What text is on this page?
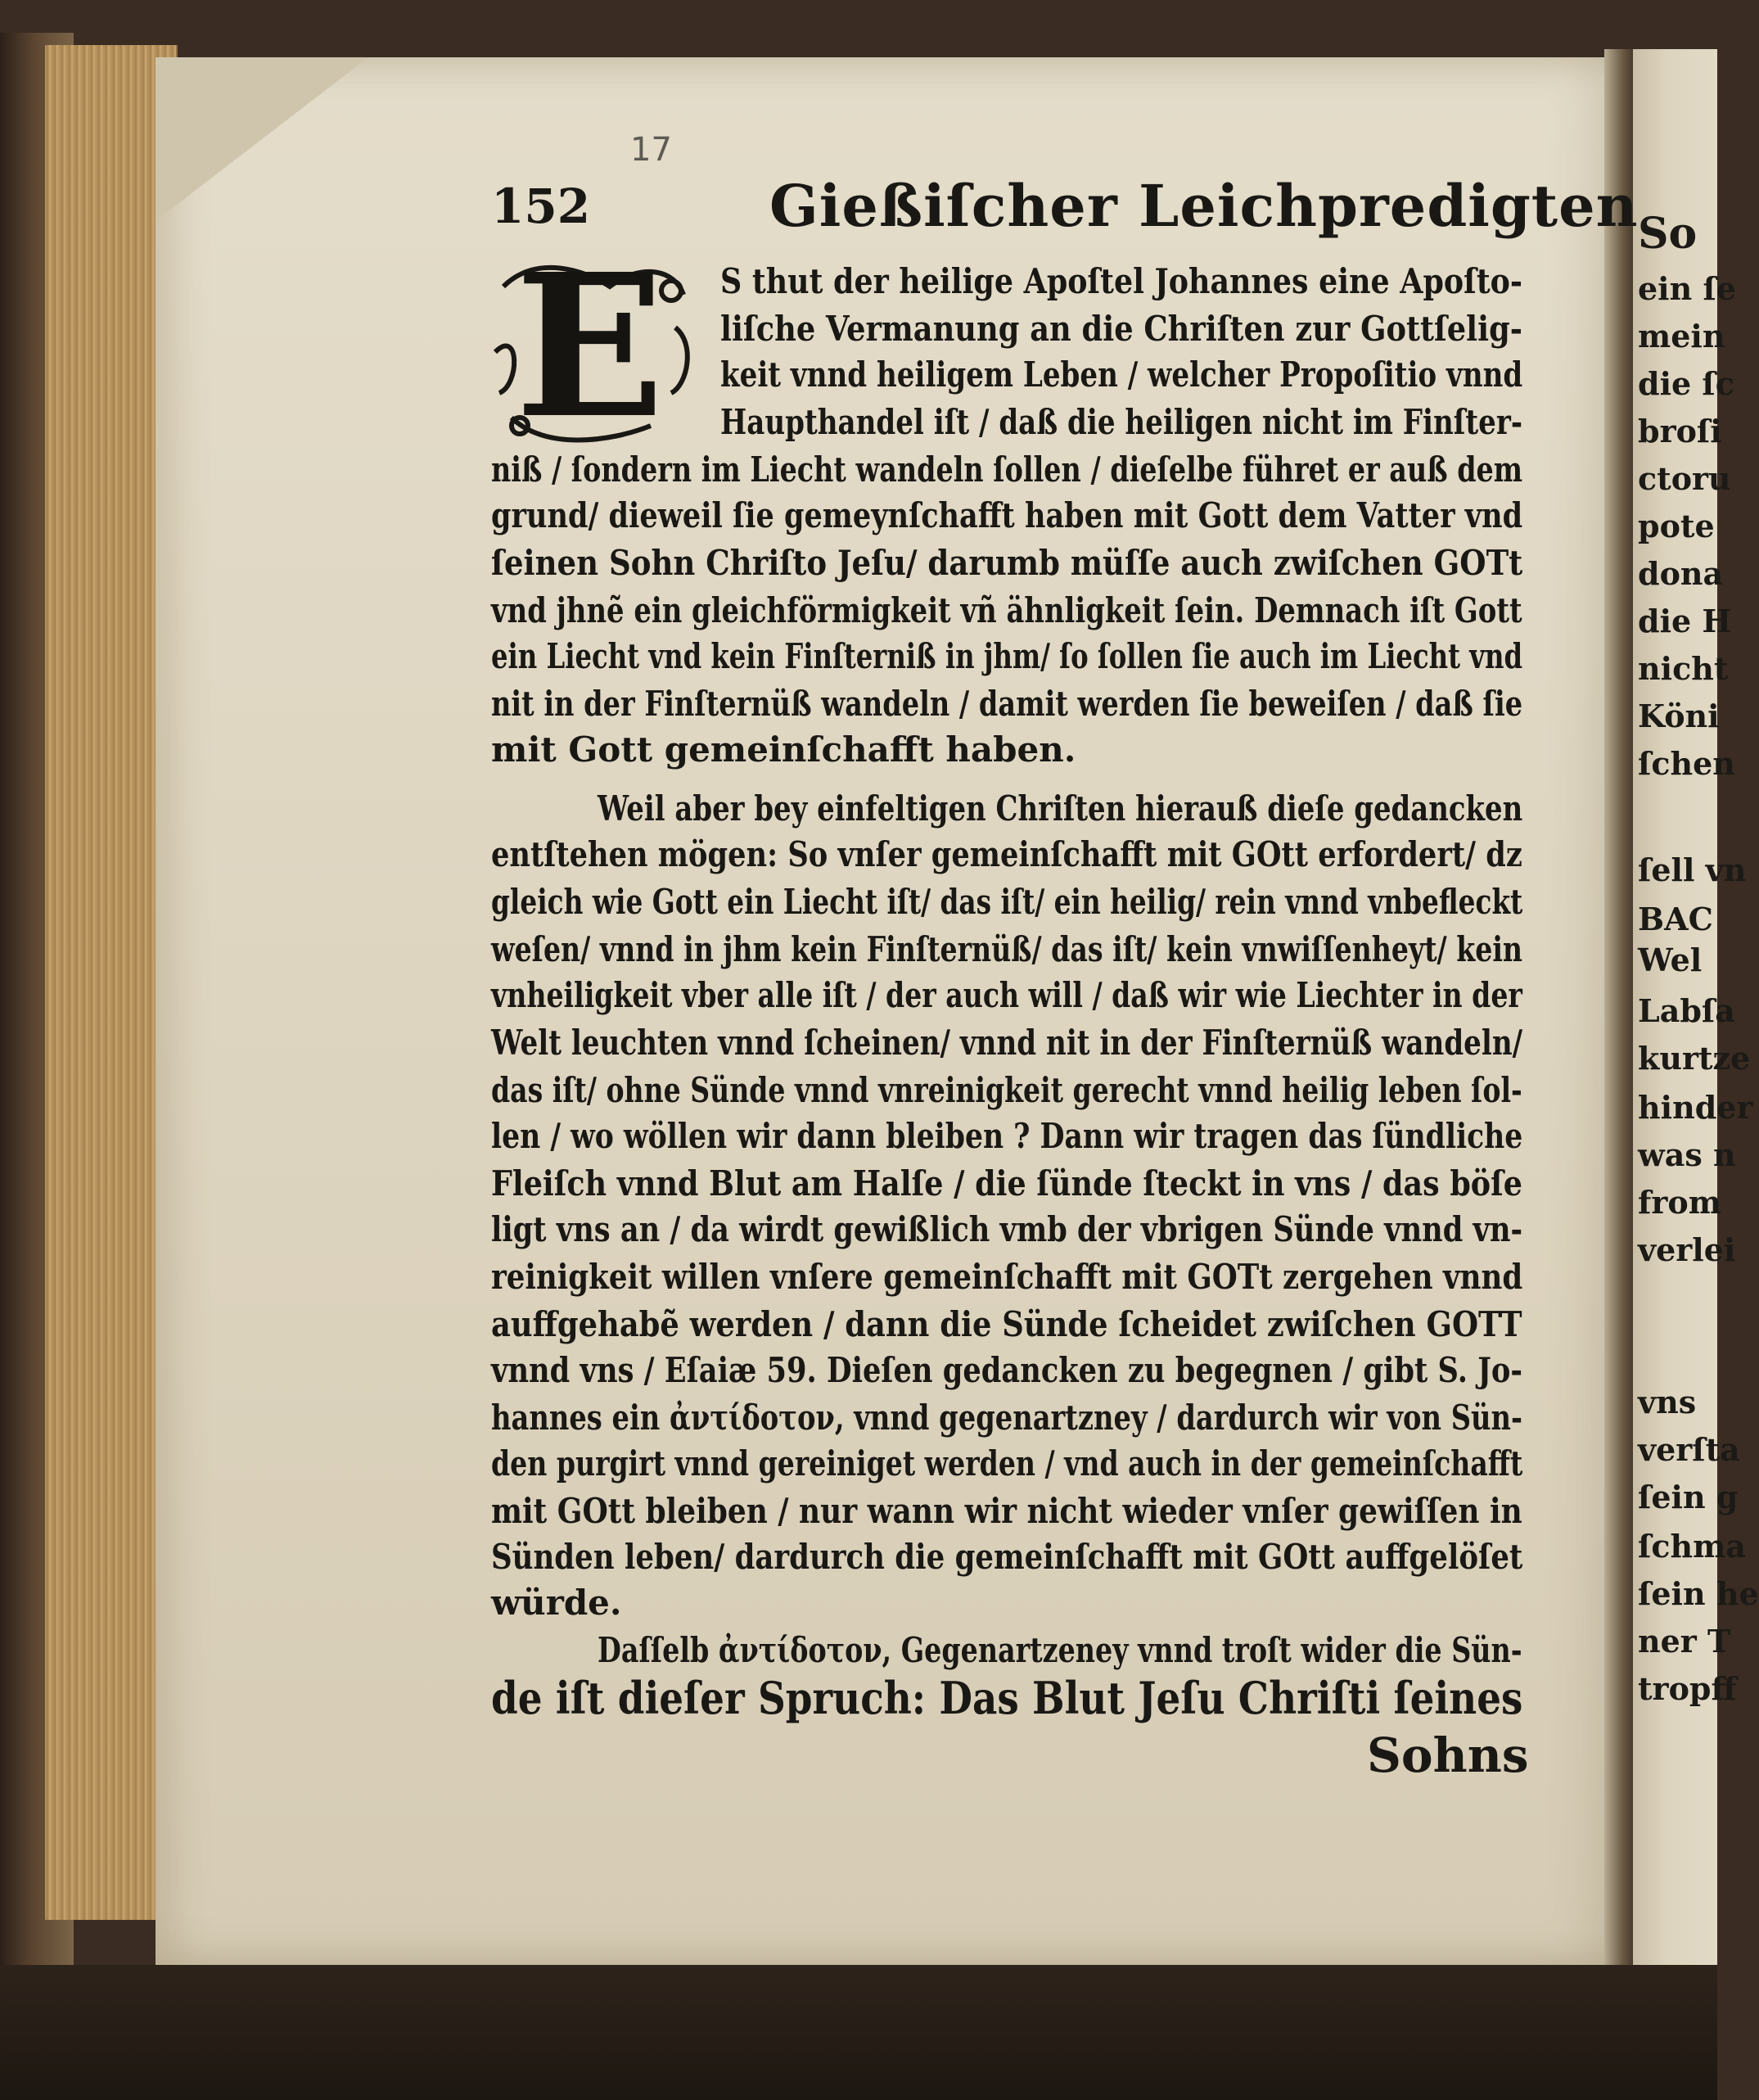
So
ein ſe
mein
die ſc
broſi
ctoru
pote
dona
die H
nicht
Köni
ſchen
ſell vn
BAC
Wel
Labſa
kurtze
hinder
was n
from
verlei
vns
verſta
ſein g
ſchma
ſein he
ner T
tropff
17
152	Gießiſcher Leichpredigten
E	S thut der heilige Apoſtel Johannes eine Apoſto-
liſche Vermanung an die Chriſten zur Gottſelig-
keit vnnd heiligem Leben / welcher Propoſitio vnnd
Haupthandel iſt / daß die heiligen nicht im Finſter-
niß / ſondern im Liecht wandeln ſollen / dieſelbe führet er auß dem
grund/ dieweil ſie gemeynſchafft haben mit Gott dem Vatter vnd
ſeinen Sohn Chriſto Jeſu/ darumb müſſe auch zwiſchen GOTt
vnd jhnẽ ein gleichförmigkeit vñ ähnligkeit ſein. Demnach iſt Gott
ein Liecht vnd kein Finſterniß in jhm/ ſo ſollen ſie auch im Liecht vnd
nit in der Finſternüß wandeln / damit werden ſie beweiſen / daß ſie
mit Gott gemeinſchafft haben.
Weil aber bey einfeltigen Chriſten hierauß dieſe gedancken
entſtehen mögen: So vnſer gemeinſchafft mit GOtt erfordert/ dz
gleich wie Gott ein Liecht iſt/ das iſt/ ein heilig/ rein vnnd vnbefleckt
weſen/ vnnd in jhm kein Finſternüß/ das iſt/ kein vnwiſſenheyt/ kein
vnheiligkeit vber alle iſt / der auch will / daß wir wie Liechter in der
Welt leuchten vnnd ſcheinen/ vnnd nit in der Finſternüß wandeln/
das iſt/ ohne Sünde vnnd vnreinigkeit gerecht vnnd heilig leben ſol-
len / wo wöllen wir dann bleiben ? Dann wir tragen das ſündliche
Fleiſch vnnd Blut am Halſe / die ſünde ſteckt in vns / das böſe
ligt vns an / da wirdt gewißlich vmb der vbrigen Sünde vnnd vn-
reinigkeit willen vnſere gemeinſchafft mit GOTt zergehen vnnd
auffgehabẽ werden / dann die Sünde ſcheidet zwiſchen GOTT
vnnd vns / Eſaiæ 59. Dieſen gedancken zu begegnen / gibt S. Jo-
hannes ein ἀντίδοτον, vnnd gegenartzney / dardurch wir von Sün-
den purgirt vnnd gereiniget werden / vnd auch in der gemeinſchafft
mit GOtt bleiben / nur wann wir nicht wieder vnſer gewiſſen in
Sünden leben/ dardurch die gemeinſchafft mit GOtt auffgelöſet
würde.
Daſſelb ἀντίδοτον, Gegenartzeney vnnd troſt wider die Sün-
de iſt dieſer Spruch: Das Blut Jeſu Chriſti ſeines
Sohns
